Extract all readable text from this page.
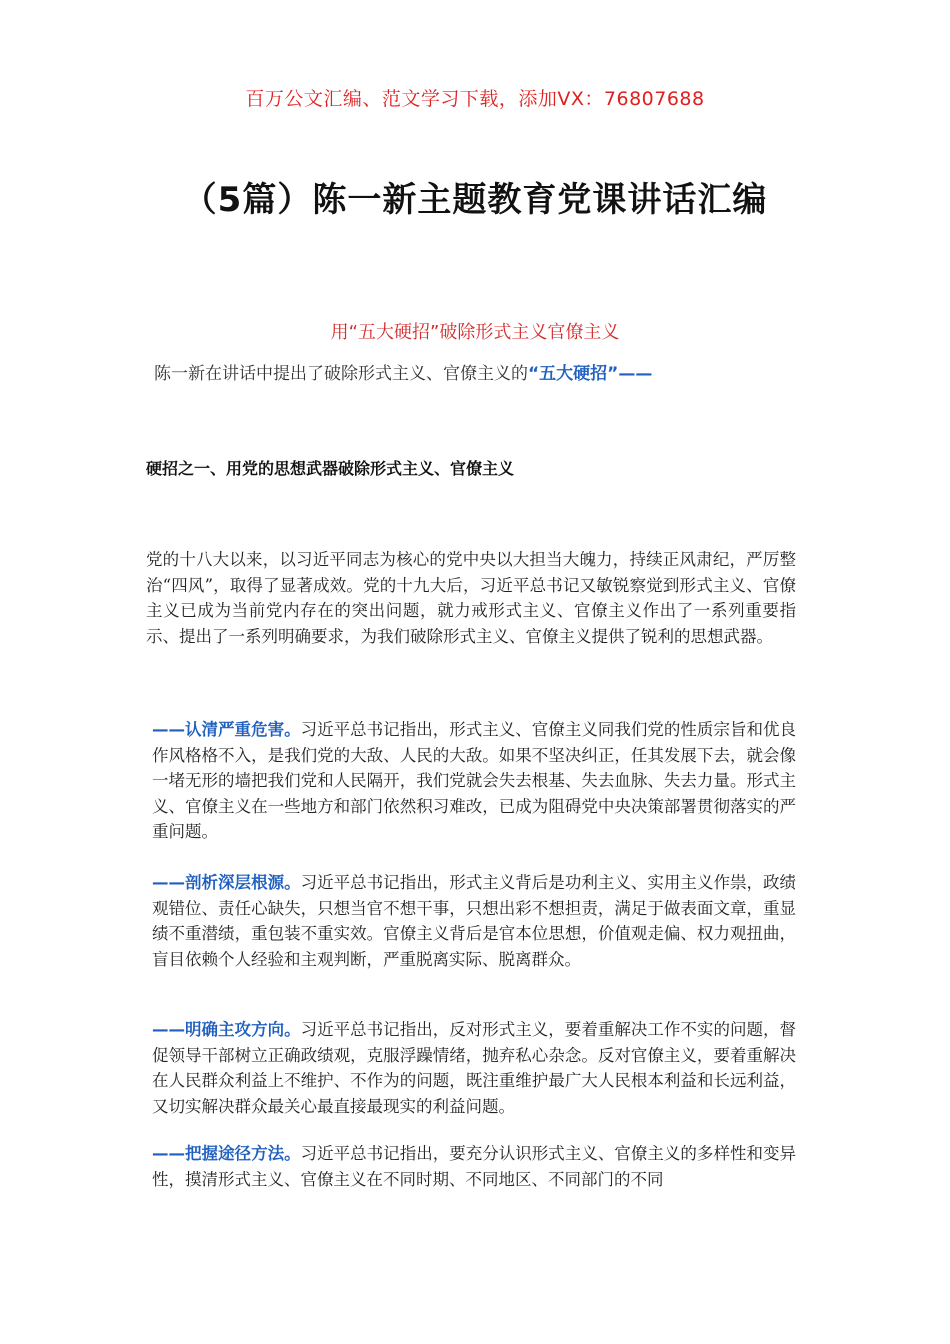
百万公文汇编、范文学习下载，添加VX：76807688
（5篇）陈一新主题教育党课讲话汇编
用“五大硬招”破除形式主义官僚主义
陈一新在讲话中提出了破除形式主义、官僚主义的“五大硬招”——
硬招之一、用党的思想武器破除形式主义、官僚主义
党的十八大以来，以习近平同志为核心的党中央以大担当大魄力，持续正风肃纪，严厉整治“四风”，取得了显著成效。党的十九大后，习近平总书记又敏锐察觉到形式主义、官僚主义已成为当前党内存在的突出问题，就力戒形式主义、官僚主义作出了一系列重要指示、提出了一系列明确要求，为我们破除形式主义、官僚主义提供了锐利的思想武器。
——认清严重危害。习近平总书记指出，形式主义、官僚主义同我们党的性质宗旨和优良作风格格不入，是我们党的大敌、人民的大敌。如果不坚决纠正，任其发展下去，就会像一堵无形的墙把我们党和人民隔开，我们党就会失去根基、失去血脉、失去力量。形式主义、官僚主义在一些地方和部门依然积习难改，已成为阻碍党中央决策部署贯彻落实的严重问题。
——剖析深层根源。习近平总书记指出，形式主义背后是功利主义、实用主义作祟，政绩观错位、责任心缺失，只想当官不想干事，只想出彩不想担责，满足于做表面文章，重显绩不重潜绩，重包装不重实效。官僚主义背后是官本位思想，价值观走偏、权力观扭曲，盲目依赖个人经验和主观判断，严重脱离实际、脱离群众。
——明确主攻方向。习近平总书记指出，反对形式主义，要着重解决工作不实的问题，督促领导干部树立正确政绩观，克服浮躁情绪，抛弃私心杂念。反对官僚主义，要着重解决在人民群众利益上不维护、不作为的问题，既注重维护最广大人民根本利益和长远利益，又切实解决群众最关心最直接最现实的利益问题。
——把握途径方法。习近平总书记指出，要充分认识形式主义、官僚主义的多样性和变异性，摸清形式主义、官僚主义在不同时期、不同地区、不同部门的不同
